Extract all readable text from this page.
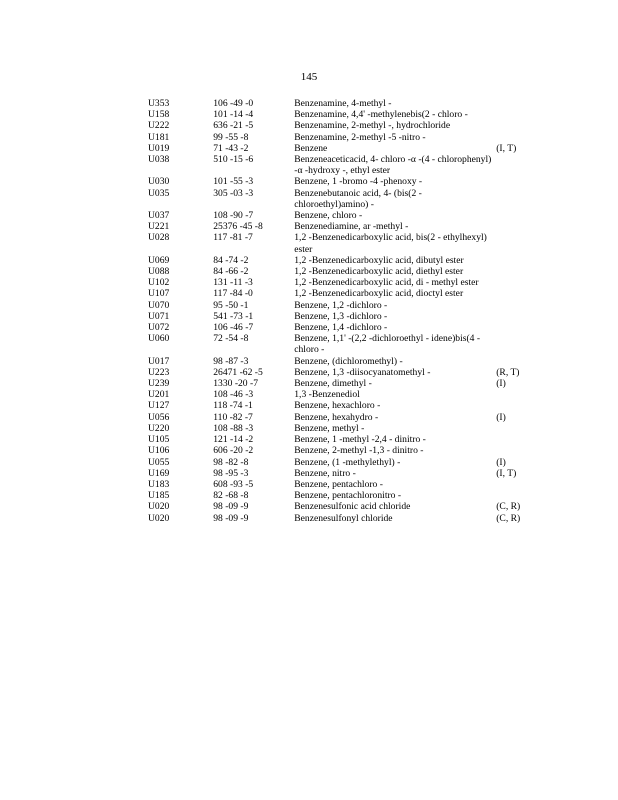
145
U353	106 -49 -0	Benzenamine, 4-methyl -	
U158	101 -14 -4	Benzenamine, 4,4' -methylenebis(2 - chloro -	
U222	636 -21 -5	Benzenamine, 2-methyl -, hydrochloride	
U181	99 -55 -8	Benzenamine, 2-methyl -5 -nitro -	
U019	71 -43 -2	Benzene	(I, T)
U038	510 -15 -6	Benzeneaceticacid, 4- chloro -α -(4 - chlorophenyl) -α -hydroxy -, ethyl ester	
U030	101 -55 -3	Benzene, 1 -bromo -4 -phenoxy -	
U035	305 -03 -3	Benzenebutanoic acid, 4- (bis(2 - chloroethyl)amino) -	
U037	108 -90 -7	Benzene, chloro -	
U221	25376 -45 -8	Benzenediamine, ar -methyl -	
U028	117 -81 -7	1,2 -Benzenedicarboxylic acid, bis(2 - ethylhexyl) ester	
U069	84 -74 -2	1,2 -Benzenedicarboxylic acid, dibutyl ester	
U088	84 -66 -2	1,2 -Benzenedicarboxylic acid, diethyl ester	
U102	131 -11 -3	1,2 -Benzenedicarboxylic acid, di - methyl ester	
U107	117 -84 -0	1,2 -Benzenedicarboxylic acid, dioctyl ester	
U070	95 -50 -1	Benzene, 1,2 -dichloro -	
U071	541 -73 -1	Benzene, 1,3 -dichloro -	
U072	106 -46 -7	Benzene, 1,4 -dichloro -	
U060	72 -54 -8	Benzene, 1,1' -(2,2 -dichloroethyl - idene)bis(4 -chloro -	
U017	98 -87 -3	Benzene, (dichloromethyl) -	
U223	26471 -62 -5	Benzene, 1,3 -diisocyanatomethyl -	(R, T)
U239	1330 -20 -7	Benzene, dimethyl -	(I)
U201	108 -46 -3	1,3 -Benzenediol	
U127	118 -74 -1	Benzene, hexachloro -	
U056	110 -82 -7	Benzene, hexahydro -	(I)
U220	108 -88 -3	Benzene, methyl -	
U105	121 -14 -2	Benzene, 1 -methyl -2,4 - dinitro -	
U106	606 -20 -2	Benzene, 2-methyl -1,3 - dinitro -	
U055	98 -82 -8	Benzene, (1 -methylethyl) -	(I)
U169	98 -95 -3	Benzene, nitro -	(I, T)
U183	608 -93 -5	Benzene, pentachloro -	
U185	82 -68 -8	Benzene, pentachloronitro -	
U020	98 -09 -9	Benzenesulfonic acid chloride	(C, R)
U020	98 -09 -9	Benzenesulfonyl chloride	(C, R)
